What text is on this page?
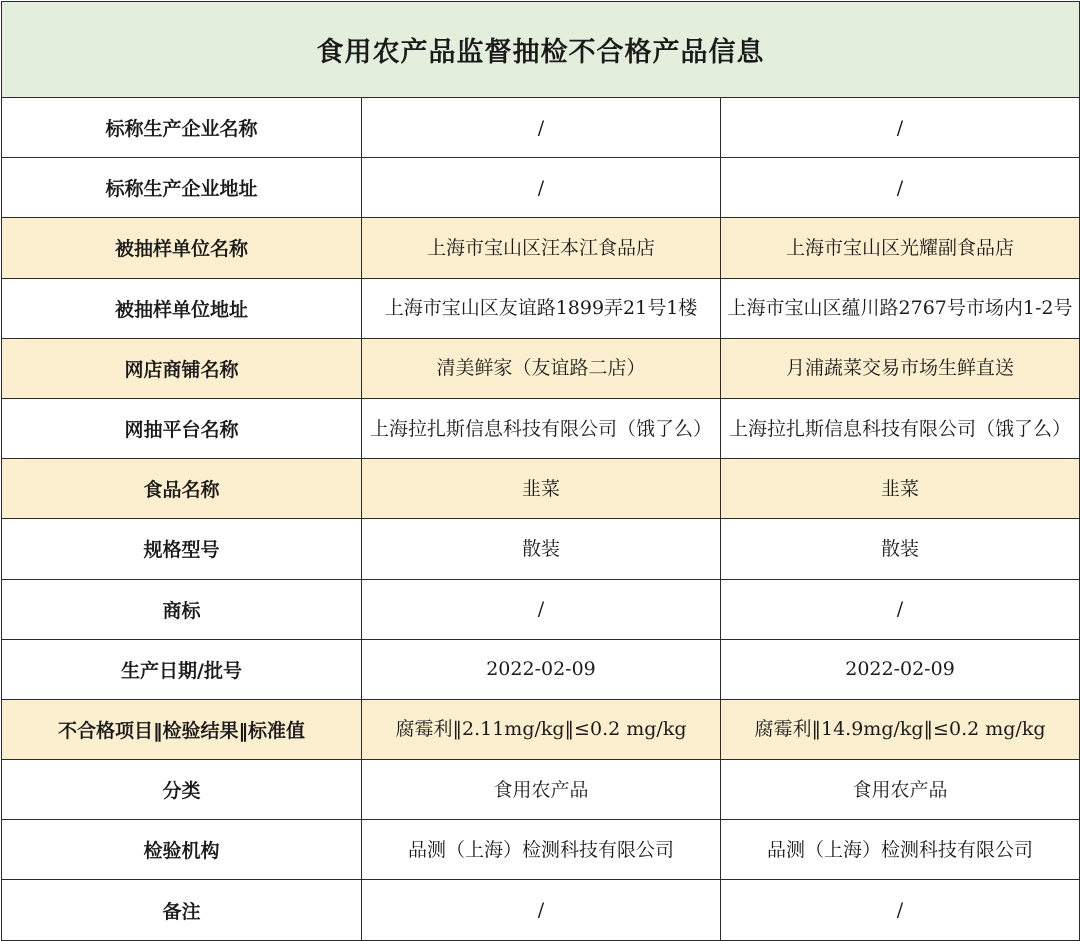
食用农产品监督抽检不合格产品信息		
标称生产企业名称	/	/
标称生产企业地址	/	/
被抽样单位名称	上海市宝山区汪本江食品店	上海市宝山区光耀副食品店
被抽样单位地址	上海市宝山区友谊路1899弄21号1楼	上海市宝山区蕴川路2767号市场内1-2号
网店商铺名称	清美鲜家（友谊路二店）	月浦蔬菜交易市场生鲜直送
网抽平台名称	上海拉扎斯信息科技有限公司（饿了么）	上海拉扎斯信息科技有限公司（饿了么）
食品名称	韭菜	韭菜
规格型号	散装	散装
商标	/	/
生产日期/批号	2022-02-09	2022-02-09
不合格项目‖检验结果‖标准值	腐霉利‖2.11mg/kg‖≤0.2 mg/kg	腐霉利‖14.9mg/kg‖≤0.2 mg/kg
分类	食用农产品	食用农产品
检验机构	品测（上海）检测科技有限公司	品测（上海）检测科技有限公司
备注	/	/
